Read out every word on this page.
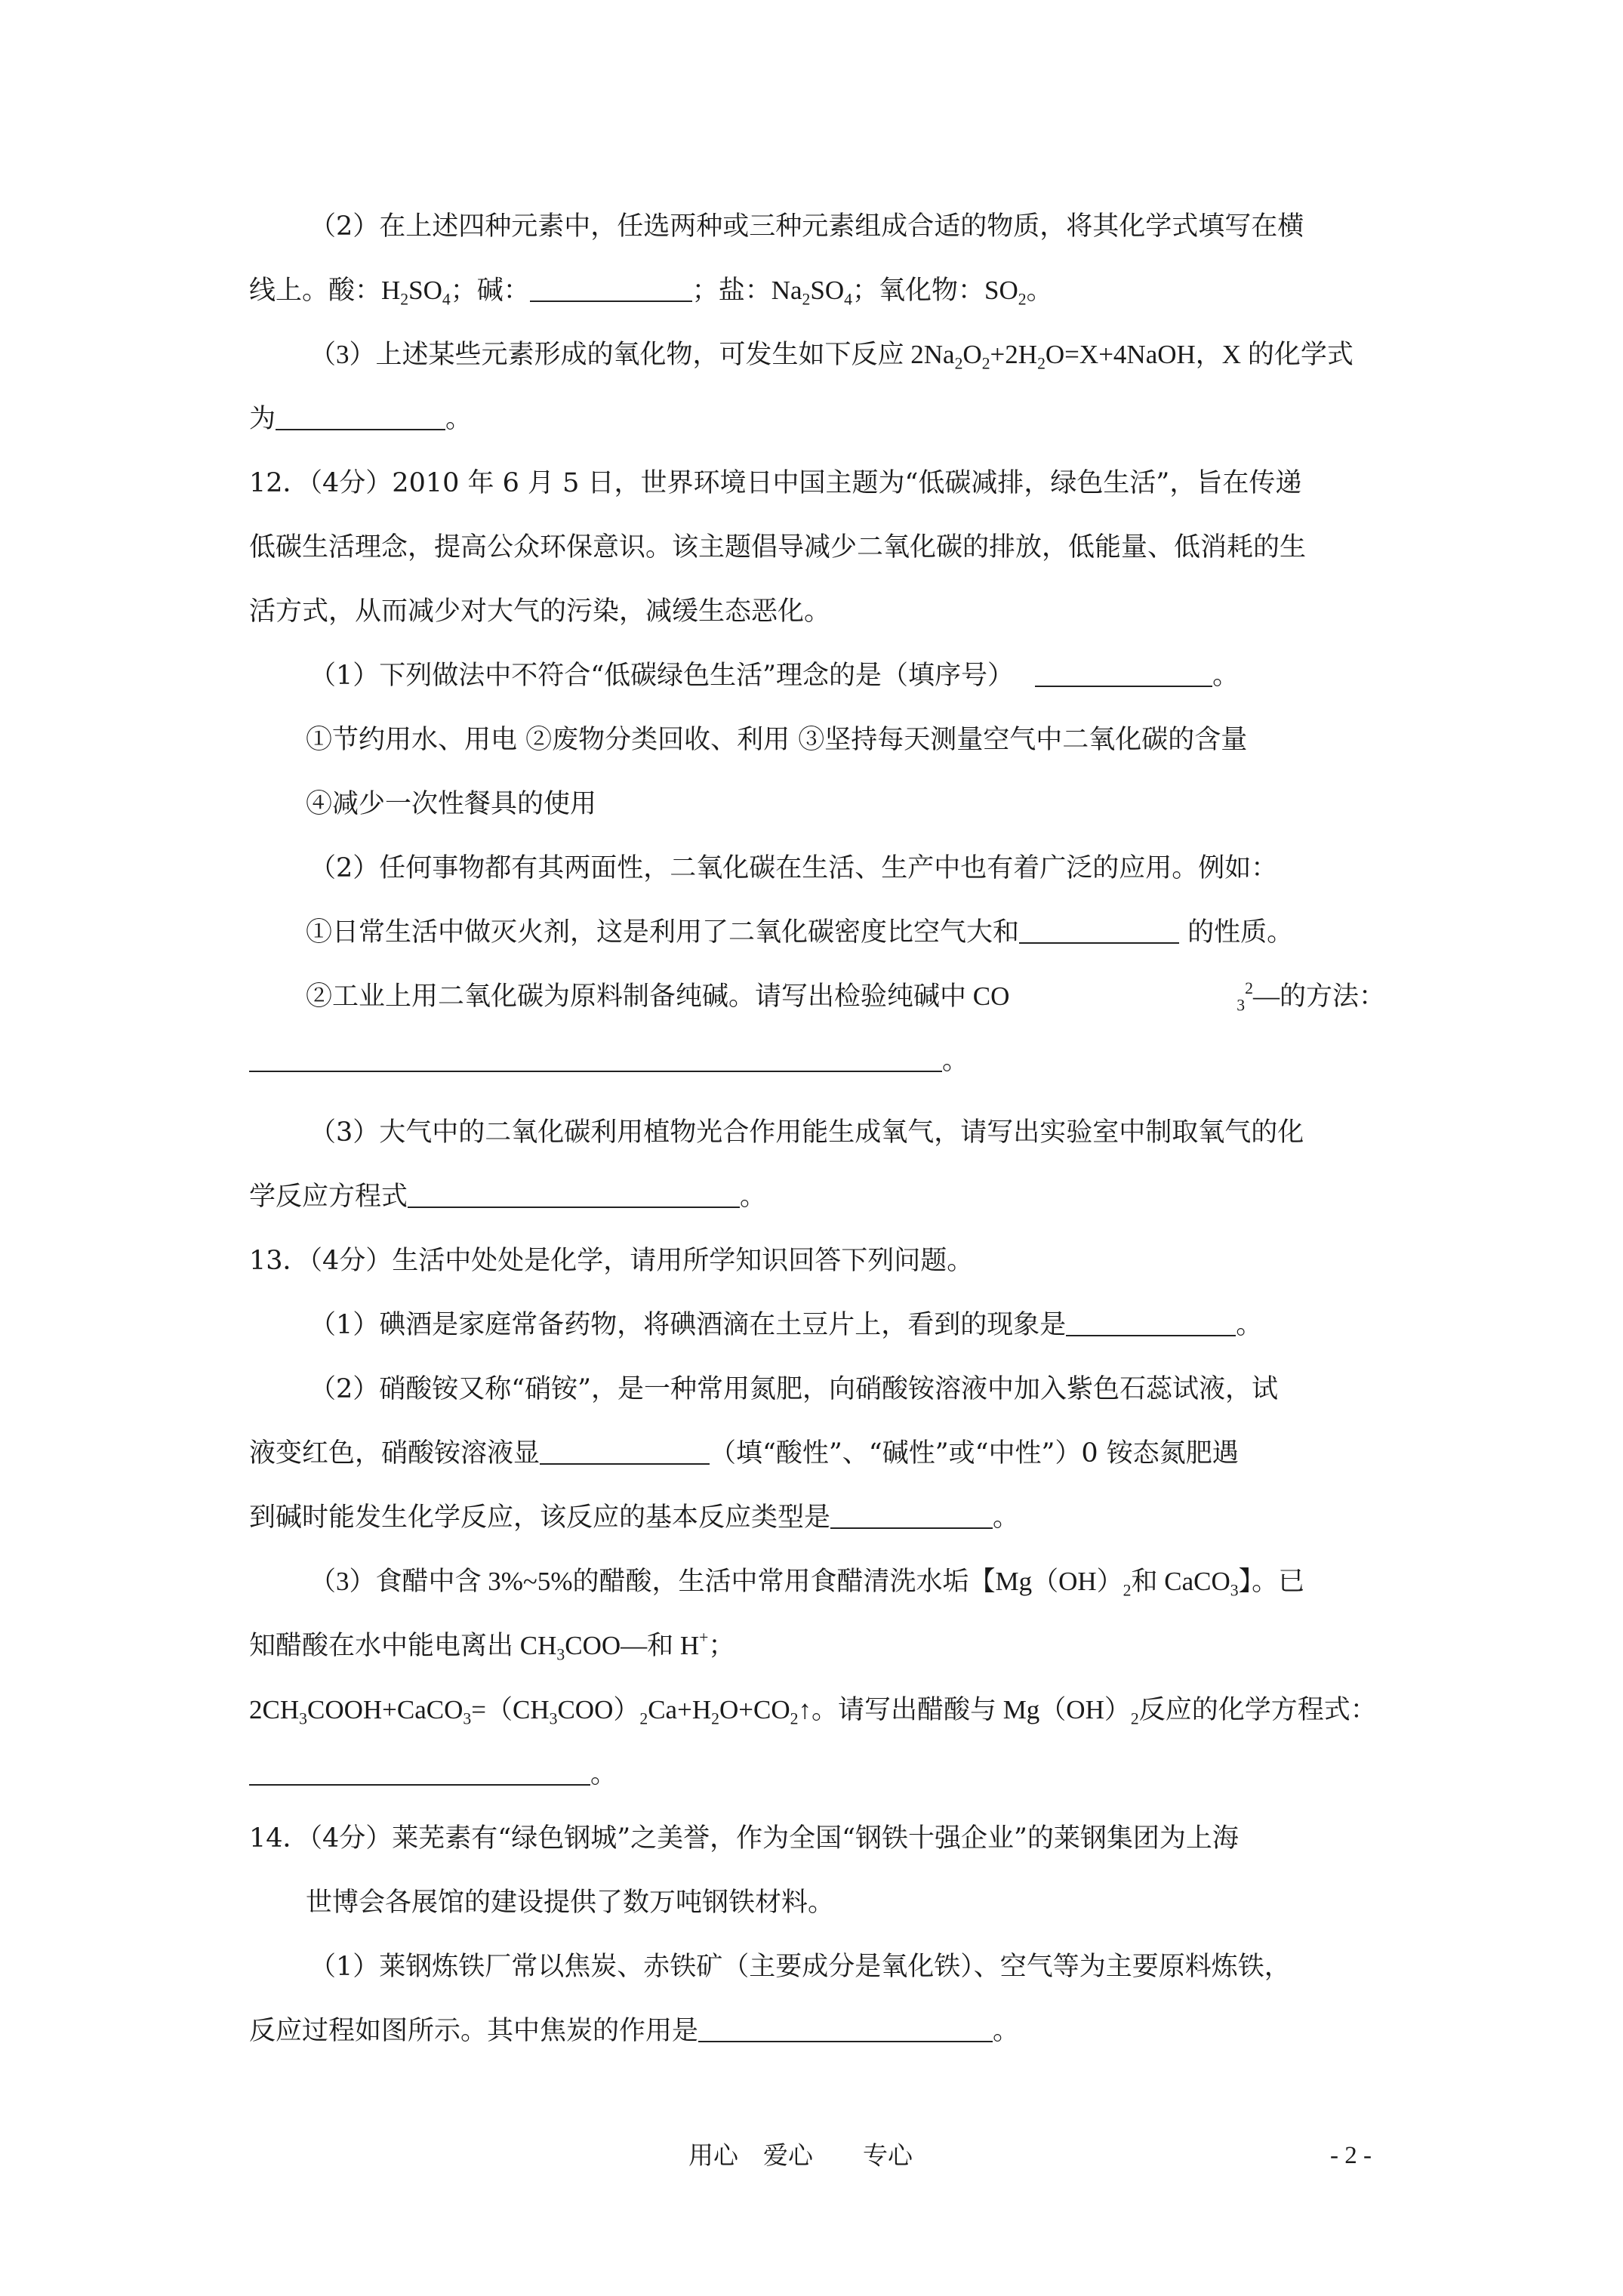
（2）在上述四种元素中，任选两种或三种元素组成合适的物质，将其化学式填写在横
线上。酸：$H_2SO_4$；碱：	；盐：$Na_2SO_4$；氧化物：$SO_2$。
（3）上述某些元素形成的氧化物，可发生如下反应 $2Na_2O_2+2H_2O=X+4NaOH$，X 的化学式
为	。
12．（4分）2010 年 6 月 5 日，世界环境日中国主题为“低碳减排，绿色生活”，旨在传递
低碳生活理念，提高公众环保意识。该主题倡导减少二氧化碳的排放，低能量、低消耗的生
活方式，从而减少对大气的污染，减缓生态恶化。
（1）下列做法中不符合“低碳绿色生活”理念的是（填序号）	。
①节约用水、用电 ②废物分类回收、利用 ③坚持每天测量空气中二氧化碳的含量
④减少一次性餐具的使用
（2）任何事物都有其两面性，二氧化碳在生活、生产中也有着广泛的应用。例如：
①日常生活中做灭火剂，这是利用了二氧化碳密度比空气大和	的性质。
②工业上用二氧化碳为原料制备纯碱。请写出检验纯碱中 CO	$_3^2$—的方法：
。
（3）大气中的二氧化碳利用植物光合作用能生成氧气，请写出实验室中制取氧气的化
学反应方程式	。
13．（4分）生活中处处是化学，请用所学知识回答下列问题。
（1）碘酒是家庭常备药物，将碘酒滴在土豆片上，看到的现象是	。
（2）硝酸铵又称“硝铵”，是一种常用氮肥，向硝酸铵溶液中加入紫色石蕊试液，试
液变红色，硝酸铵溶液显	（填“酸性”、“碱性”或“中性”）0 铵态氮肥遇
到碱时能发生化学反应，该反应的基本反应类型是	。
（3）食醋中含 3%~5%的醋酸，生活中常用食醋清洗水垢【$Mg(OH)_2$和 CaCO$_3$】。已
知醋酸在水中能电离出 $CH_3COO—$和 H+；
$2CH_3COOH+CaCO_3=(CH_3COO)_2Ca+H_2O+CO_2↑$。请写出醋酸与 $Mg(OH)_2$反应的化学方程式：
。
14．（4分）莱芜素有“绿色钢城”之美誉，作为全国“钢铁十强企业”的莱钢集团为上海
世博会各展馆的建设提供了数万吨钢铁材料。
（1）莱钢炼铁厂常以焦炭、赤铁矿（主要成分是氧化铁）、空气等为主要原料炼铁，
反应过程如图所示。其中焦炭的作用是	。
用心　爱心　　专心	- 2 -
